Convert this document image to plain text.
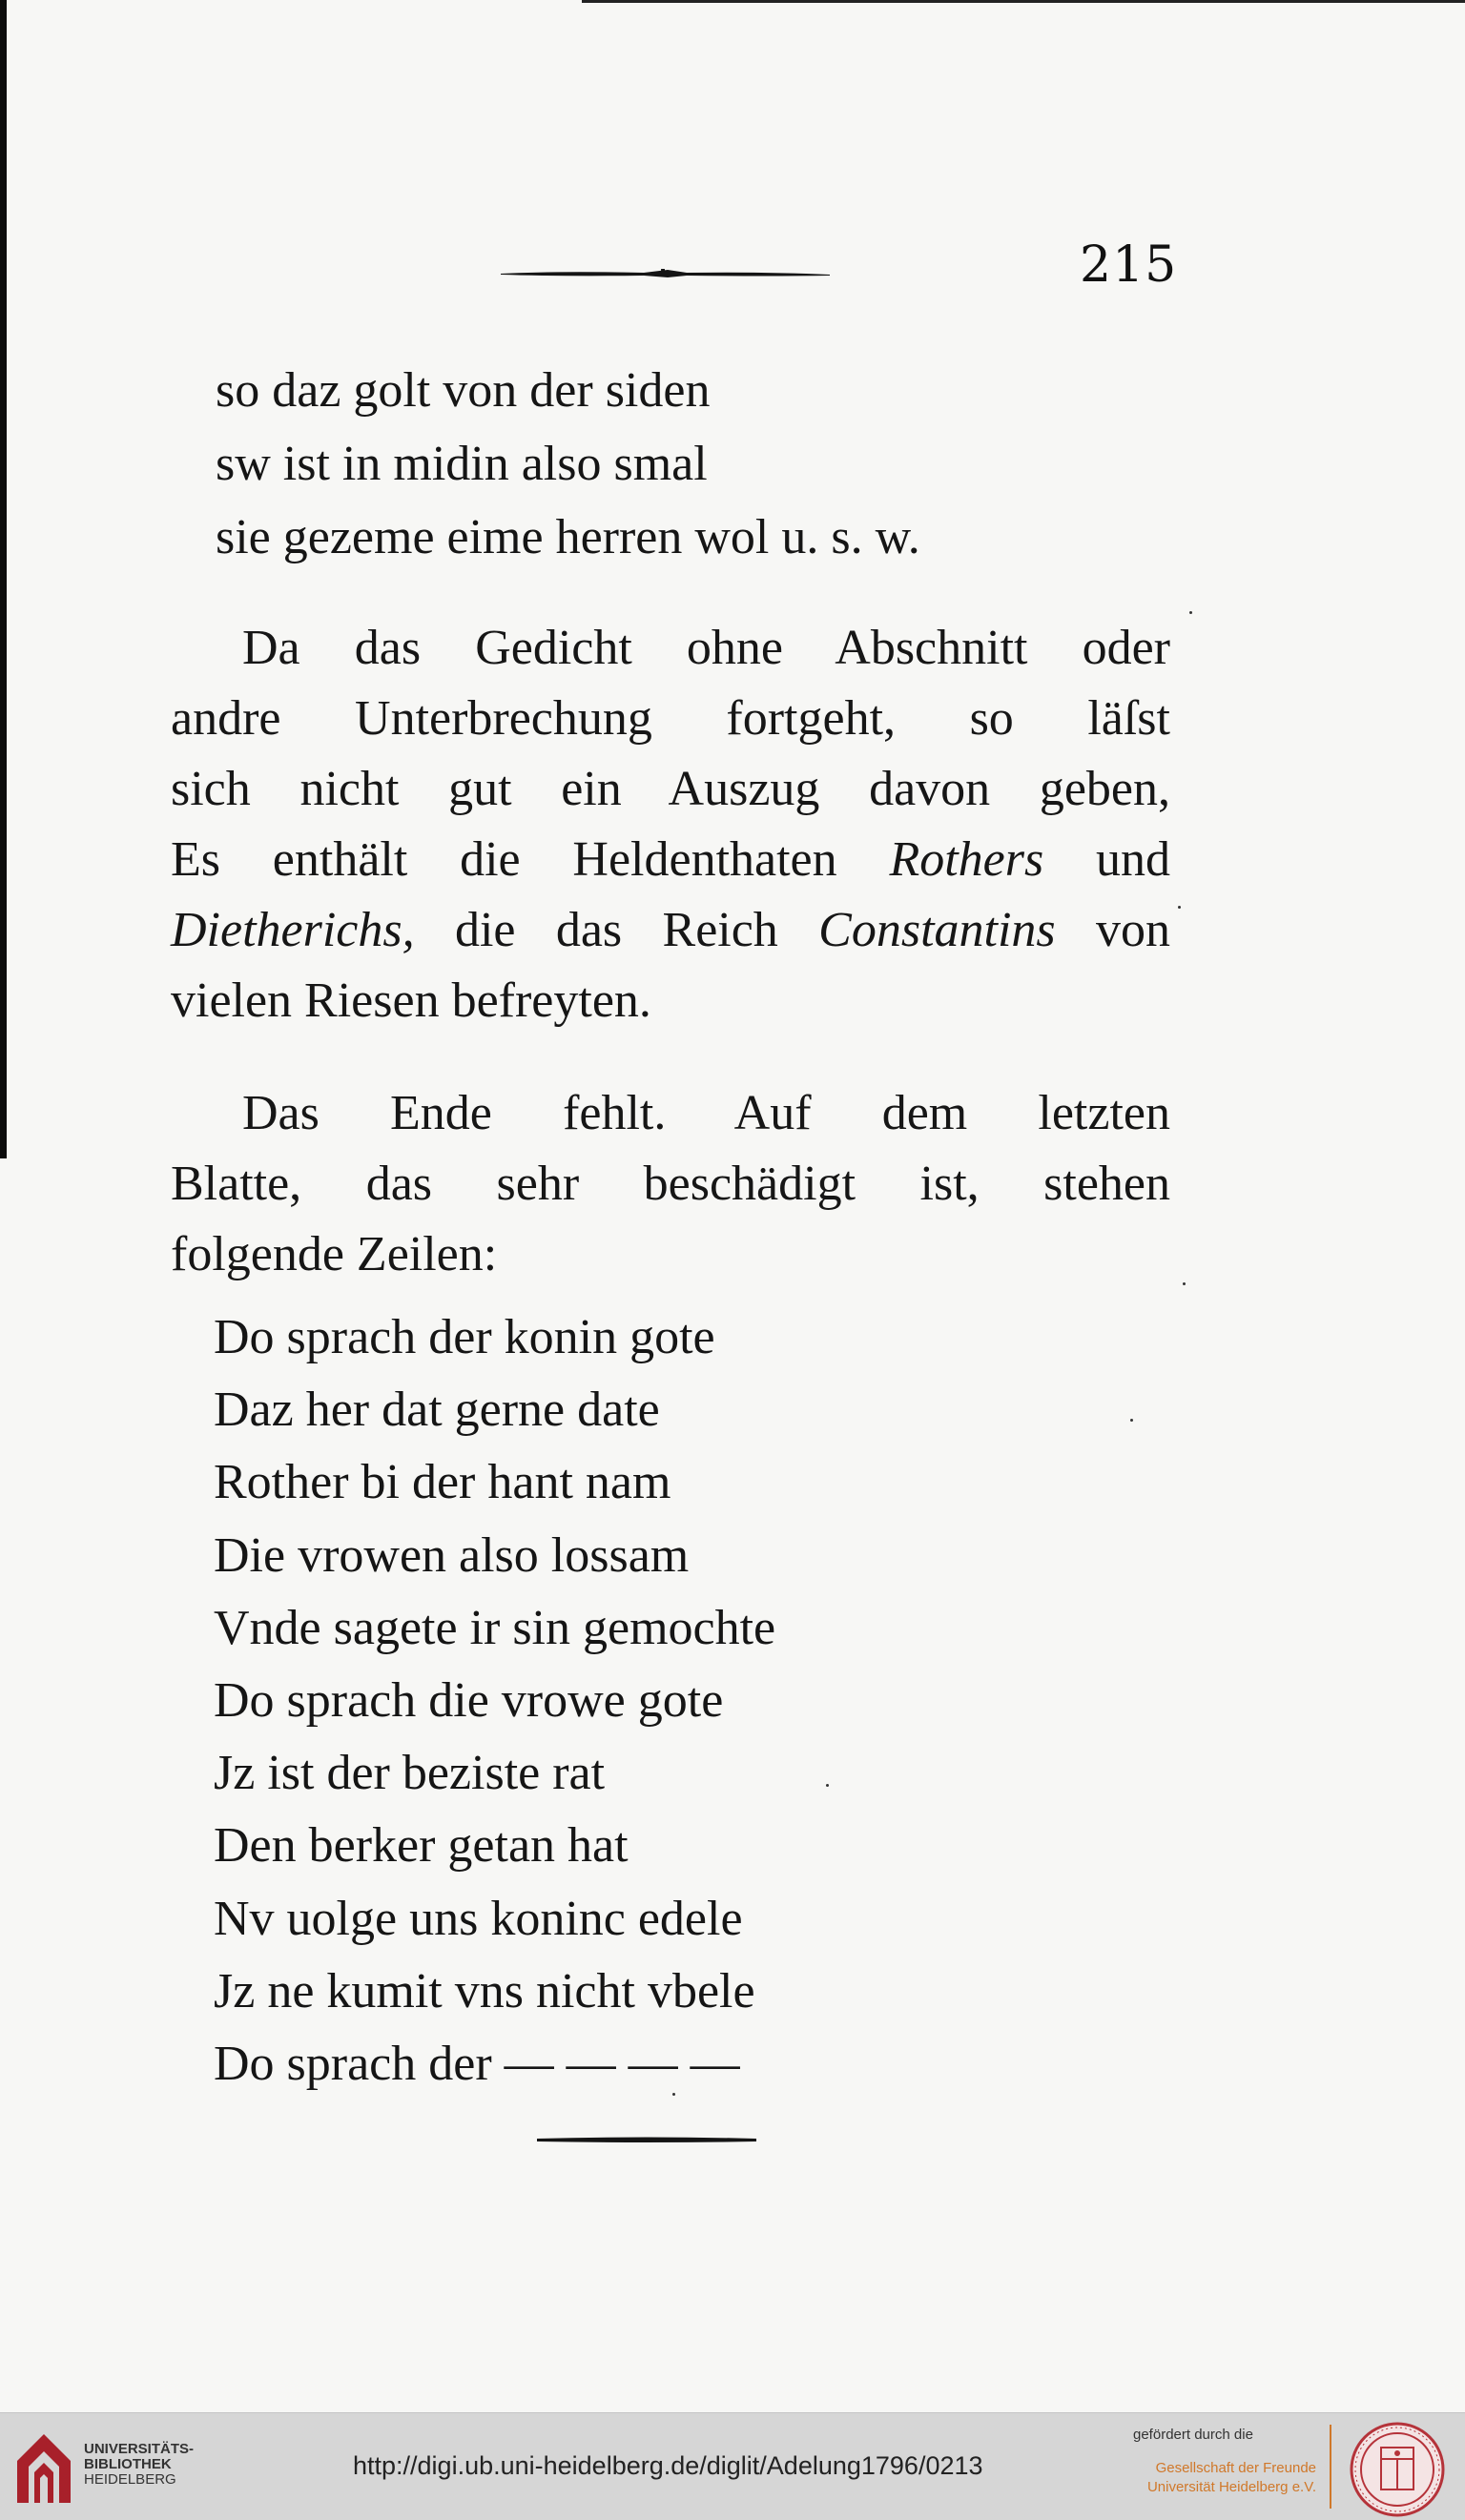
215
so daz golt von der siden
sw ist in midin also smal
sie gezeme eime herren wol u. s. w.
Da das Gedicht ohne Abschnitt oder
andre Unterbrechung fortgeht, so läſst
sich nicht gut ein Auszug davon geben,
Es enthält die Heldenthaten Rothers und
Dietherichs, die das Reich Constantins von
vielen Riesen befreyten.
Das Ende fehlt. Auf dem letzten
Blatte, das sehr beschädigt ist, stehen
folgende Zeilen:
Do sprach der konin gote
Daz her dat gerne date
Rother bi der hant nam
Die vrowen also lossam
Vnde sagete ir sin gemochte
Do sprach die vrowe gote
Jz ist der beziste rat
Den berker getan hat
Nv uolge uns koninc edele
Jz ne kumit vns nicht vbele
Do sprach der — — — —
UNIVERSITÄTS-
BIBLIOTHEK
HEIDELBERG	http://digi.ub.uni-heidelberg.de/diglit/Adelung1796/0213
gefördert durch die
Gesellschaft der Freunde
Universität Heidelberg e.V.
